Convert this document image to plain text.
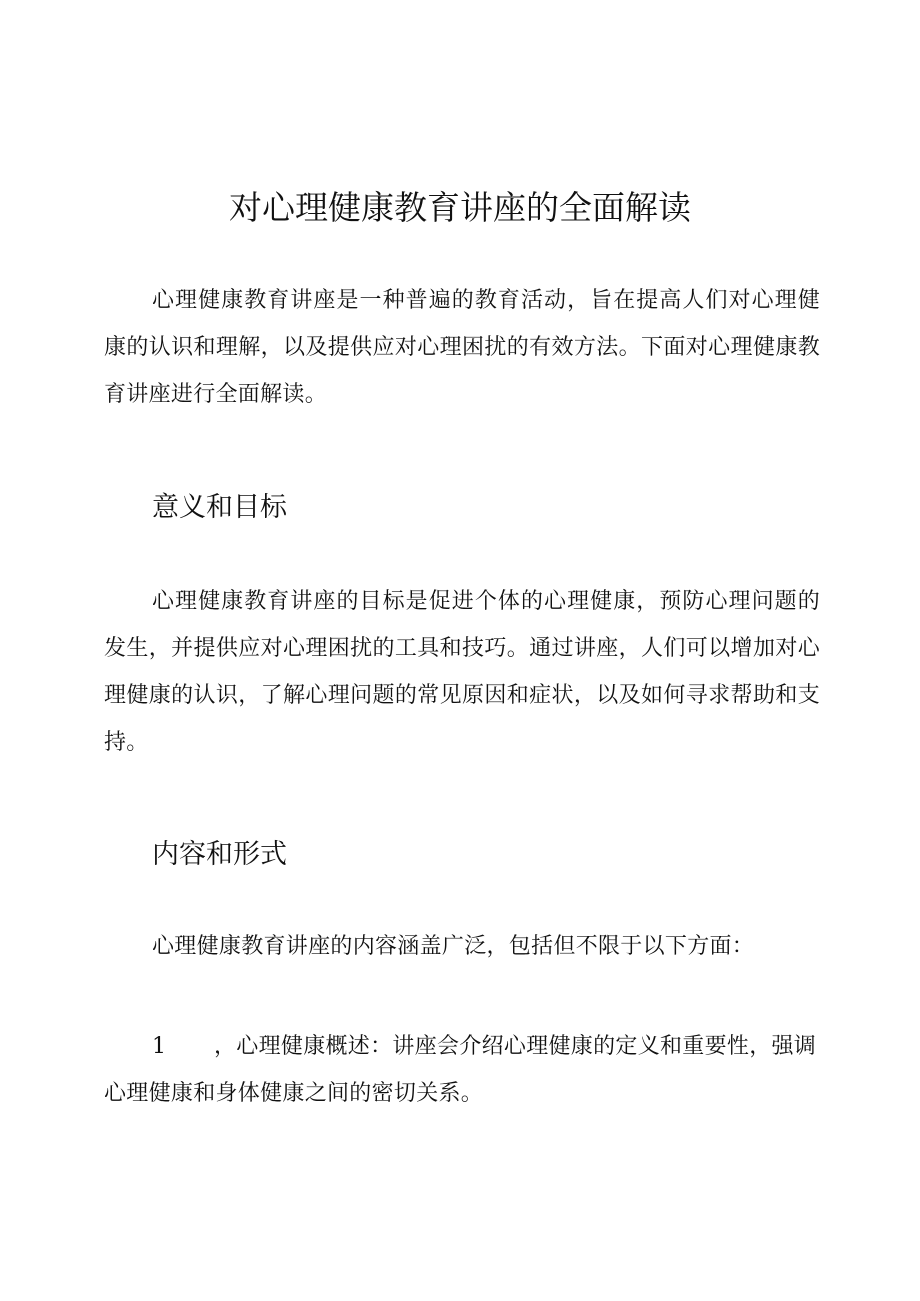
对心理健康教育讲座的全面解读

心理健康教育讲座是一种普遍的教育活动，旨在提高人们对心理健康的认识和理解，以及提供应对心理困扰的有效方法。下面对心理健康教育讲座进行全面解读。

意义和目标

心理健康教育讲座的目标是促进个体的心理健康，预防心理问题的发生，并提供应对心理困扰的工具和技巧。通过讲座，人们可以增加对心理健康的认识，了解心理问题的常见原因和症状，以及如何寻求帮助和支持。

内容和形式

心理健康教育讲座的内容涵盖广泛，包括但不限于以下方面：

1 ，心理健康概述：讲座会介绍心理健康的定义和重要性，强调心理健康和身体健康之间的密切关系。
